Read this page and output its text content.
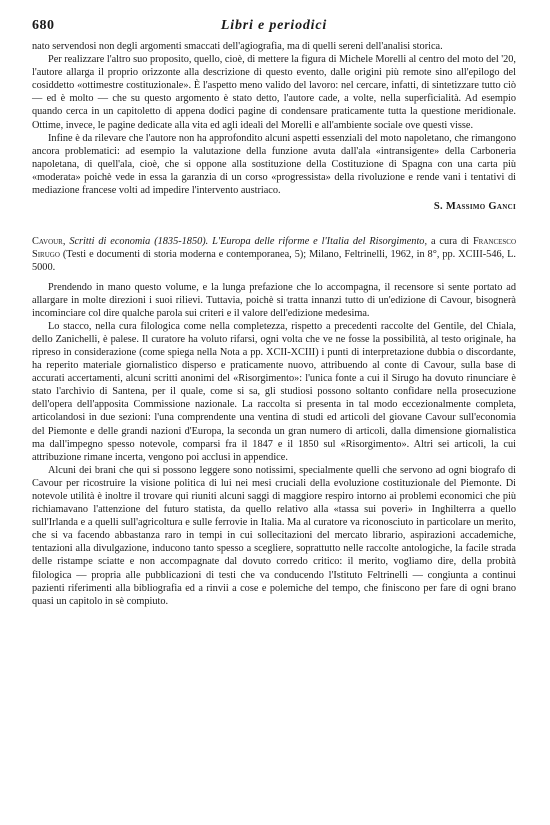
680	Libri e periodici

nato servendosi non degli argomenti smaccati dell'agiografia, ma di quelli sereni dell'analisi storica.

Per realizzare l'altro suo proposito, quello, cioè, di mettere la figura di Michele Morelli al centro del moto del '20, l'autore allarga il proprio orizzonte alla descrizione di questo evento, dalle origini più remote sino all'epilogo del cosiddetto «ottimestre costituzionale». È l'aspetto meno valido del lavoro: nel cercare, infatti, di sintetizzare tutto ciò — ed è molto — che su questo argomento è stato detto, l'autore cade, a volte, nella superficialità. Ad esempio quando cerca in un capitoletto di appena dodici pagine di condensare praticamente tutta la questione meridionale. Ottime, invece, le pagine dedicate alla vita ed agli ideali del Morelli e all'ambiente sociale ove questi visse.

Infine è da rilevare che l'autore non ha approfondito alcuni aspetti essenziali del moto napoletano, che rimangono ancora problematici: ad esempio la valutazione della funzione avuta dall'ala «intransigente» della Carboneria napoletana, di quell'ala, cioè, che si oppone alla sostituzione della Costituzione di Spagna con una carta più «moderata» poichè vede in essa la garanzia di un corso «progressista» della rivoluzione e rende vani i tentativi di mediazione francese volti ad impedire l'intervento austriaco.

S. Massimo Ganci

Cavour, Scritti di economia (1835-1850). L'Europa delle riforme e l'Italia del Risorgimento, a cura di Francesco Sirugo (Testi e documenti di storia moderna e contemporanea, 5); Milano, Feltrinelli, 1962, in 8°, pp. XCIII-546, L. 5000.

Prendendo in mano questo volume, e la lunga prefazione che lo accompagna, il recensore si sente portato ad allargare in molte direzioni i suoi rilievi. Tuttavia, poichè si tratta innanzi tutto di un'edizione di Cavour, bisognerà incominciare col dire qualche parola sui criteri e il valore dell'edizione medesima.

Lo stacco, nella cura filologica come nella completezza, rispetto a precedenti raccolte del Gentile, del Chiala, dello Zanichelli, è palese. Il curatore ha voluto rifarsi, ogni volta che ve ne fosse la possibilità, al testo originale, ha ripreso in considerazione (come spiega nella Nota a pp. XCII-XCIII) i punti di interpretazione dubbia o discordante, ha reperito materiale giornalistico disperso e praticamente nuovo, attribuendo al conte di Cavour, sulla base di accurati accertamenti, alcuni scritti anonimi del «Risorgimento»: l'unica fonte a cui il Sirugo ha dovuto rinunciare è stato l'archivio di Santena, per il quale, come si sa, gli studiosi possono soltanto confidare nella prosecuzione dell'opera dell'apposita Commissione nazionale. La raccolta si presenta in tal modo eccezionalmente completa, articolandosi in due sezioni: l'una comprendente una ventina di studi ed articoli del giovane Cavour sull'economia del Piemonte e delle grandi nazioni d'Europa, la seconda un gran numero di articoli, dalla dimensione giornalistica ma dall'impegno spesso notevole, comparsi fra il 1847 e il 1850 sul «Risorgimento». Altri sei articoli, la cui attribuzione rimane incerta, vengono poi acclusi in appendice.

Alcuni dei brani che qui si possono leggere sono notissimi, specialmente quelli che servono ad ogni biografo di Cavour per ricostruire la visione politica di lui nei mesi cruciali della evoluzione costituzionale del Piemonte. Di notevole utilità è inoltre il trovare qui riuniti alcuni saggi di maggiore respiro intorno ai problemi economici che più richiamavano l'attenzione del futuro statista, da quello relativo alla «tassa sui poveri» in Inghilterra a quello sull'Irlanda e a quelli sull'agricoltura e sulle ferrovie in Italia. Ma al curatore va riconosciuto in particolare un merito, che si va facendo abbastanza raro in tempi in cui sollecitazioni del mercato librario, aspirazioni accademiche, tentazioni alla divulgazione, inducono tanto spesso a scegliere, soprattutto nelle raccolte antologiche, la facile strada delle ristampe sciatte e non accompagnate dal dovuto corredo critico: il merito, vogliamo dire, della probità filologica — propria alle pubblicazioni di testi che va conducendo l'Istituto Feltrinelli — congiunta a continui pazienti riferimenti alla bibliografia ed a rinvii a cose e polemiche del tempo, che finiscono per fare di ogni brano quasi un capitolo in sè compiuto.
